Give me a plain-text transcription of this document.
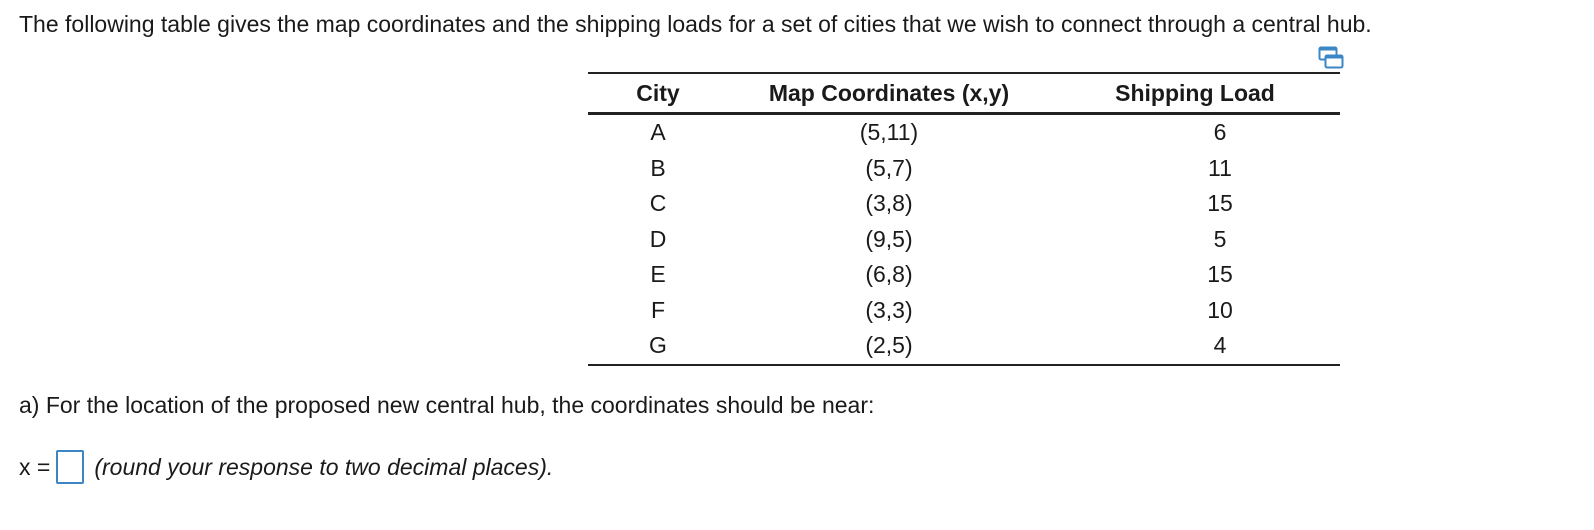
The following table gives the map coordinates and the shipping loads for a set of cities that we wish to connect through a central hub.

City	Map Coordinates (x,y)	Shipping Load
A	(5,11)	6
B	(5,7)	11
C	(3,8)	15
D	(9,5)	5
E	(6,8)	15
F	(3,3)	10
G	(2,5)	4

a) For the location of the proposed new central hub, the coordinates should be near:

x = (round your response to two decimal places).
